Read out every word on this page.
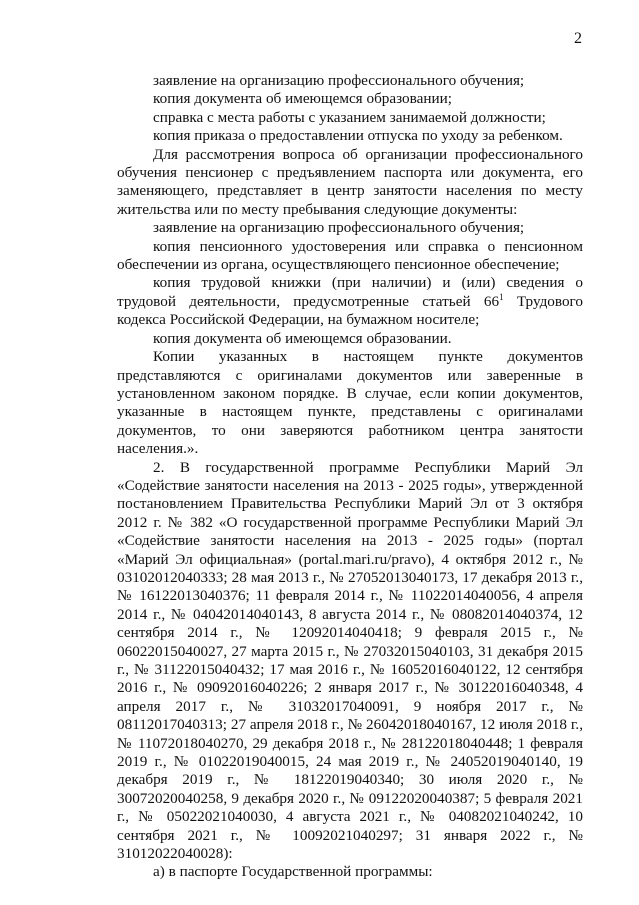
2

заявление на организацию профессионального обучения;

копия документа об имеющемся образовании;

справка с места работы с указанием занимаемой должности;

копия приказа о предоставлении отпуска по уходу за ребенком.

Для рассмотрения вопроса об организации профессионального обучения пенсионер с предъявлением паспорта или документа, его заменяющего, представляет в центр занятости населения по месту жительства или по месту пребывания следующие документы:

заявление на организацию профессионального обучения;

копия пенсионного удостоверения или справка о пенсионном обеспечении из органа, осуществляющего пенсионное обеспечение;

копия трудовой книжки (при наличии) и (или) сведения о трудовой деятельности, предусмотренные статьей $66^1$ Трудового кодекса Российской Федерации, на бумажном носителе;

копия документа об имеющемся образовании.

Копии указанных в настоящем пункте документов представляются с оригиналами документов или заверенные в установленном законом порядке. В случае, если копии документов, указанные в настоящем пункте, представлены с оригиналами документов, то они заверяются работником центра занятости населения.».

2. В государственной программе Республики Марий Эл «Содействие занятости населения на 2013 - 2025 годы», утвержденной постановлением Правительства Республики Марий Эл от 3 октября 2012 г. № 382 «О государственной программе Республики Марий Эл «Содействие занятости населения на 2013 - 2025 годы» (портал «Марий Эл официальная» (portal.mari.ru/pravo), 4 октября 2012 г., № 03102012040333; 28 мая 2013 г., № 27052013040173, 17 декабря 2013 г., № 16122013040376; 11 февраля 2014 г., № 11022014040056, 4 апреля 2014 г., № 04042014040143, 8 августа 2014 г., № 08082014040374, 12 сентября 2014 г., № 12092014040418; 9 февраля 2015 г., № 06022015040027, 27 марта 2015 г., № 27032015040103, 31 декабря 2015 г., № 31122015040432; 17 мая 2016 г., № 16052016040122, 12 сентября 2016 г., № 09092016040226; 2 января 2017 г., № 30122016040348, 4 апреля 2017 г., № 31032017040091, 9 ноября 2017 г., № 08112017040313; 27 апреля 2018 г., № 26042018040167, 12 июля 2018 г., № 11072018040270, 29 декабря 2018 г., № 28122018040448; 1 февраля 2019 г., № 01022019040015, 24 мая 2019 г., № 24052019040140, 19 декабря 2019 г., № 18122019040340; 30 июля 2020 г., № 30072020040258, 9 декабря 2020 г., № 09122020040387; 5 февраля 2021 г., № 05022021040030, 4 августа 2021 г., № 04082021040242, 10 сентября 2021 г., № 10092021040297; 31 января 2022 г., № 31012022040028):

а) в паспорте Государственной программы:
